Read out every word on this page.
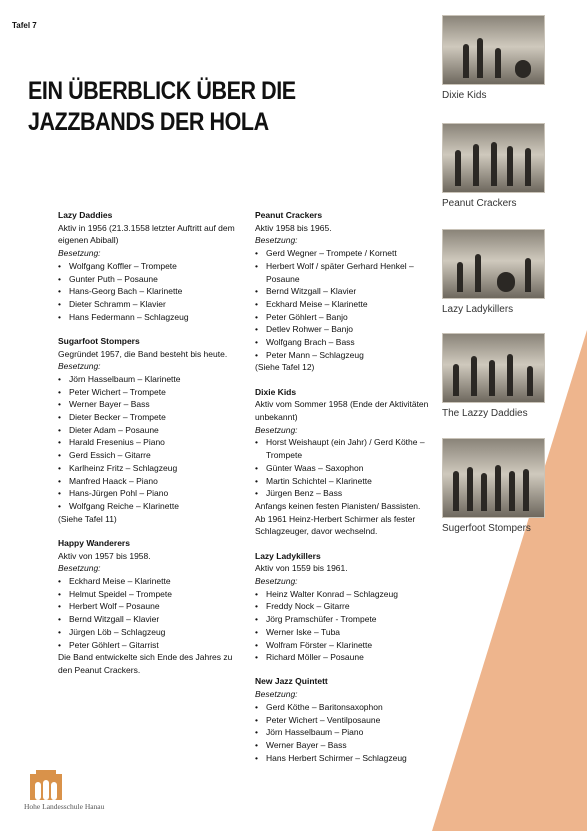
Tafel 7
EIN ÜBERBLICK ÜBER DIE
JAZZBANDS DER HOLA
Lazy Daddies
Aktiv in 1956 (21.3.1558 letzter Auftritt auf dem eigenen Abiball)
Besetzung:
• Wolfgang Koffler – Trompete
• Gunter Puth – Posaune
• Hans-Georg Bach – Klarinette
• Dieter Schramm – Klavier
• Hans Federmann – Schlagzeug
Sugarfoot Stompers
Gegründet 1957, die Band besteht bis heute.
Besetzung:
• Jörn Hasselbaum – Klarinette
• Peter Wichert – Trompete
• Werner Bayer – Bass
• Dieter Becker – Trompete
• Dieter Adam – Posaune
• Harald Fresenius – Piano
• Gerd Essich – Gitarre
• Karlheinz Fritz – Schlagzeug
• Manfred Haack – Piano
• Hans-Jürgen Pohl – Piano
• Wolfgang Reiche – Klarinette
(Siehe Tafel 11)
Happy Wanderers
Aktiv von 1957 bis 1958.
Besetzung:
• Eckhard Meise – Klarinette
• Helmut Speidel – Trompete
• Herbert Wolf – Posaune
• Bernd Witzgall – Klavier
• Jürgen Löb – Schlagzeug
• Peter Göhlert – Gitarrist
Die Band entwickelte sich Ende des Jahres zu den Peanut Crackers.
Peanut Crackers
Aktiv 1958 bis 1965.
Besetzung:
• Gerd Wegner – Trompete / Kornett
• Herbert Wolf / später Gerhard Henkel – Posaune
• Bernd Witzgall – Klavier
• Eckhard Meise – Klarinette
• Peter Göhlert – Banjo
• Detlev Rohwer – Banjo
• Wolfgang Brach – Bass
• Peter Mann – Schlagzeug
(Siehe Tafel 12)
Dixie Kids
Aktiv vom Sommer 1958 (Ende der Aktivitäten unbekannt)
Besetzung:
• Horst Weishaupt (ein Jahr) / Gerd Köthe – Trompete
• Günter Waas – Saxophon
• Martin Schichtel – Klarinette
• Jürgen Benz – Bass
Anfangs keinen festen Pianisten/ Bassisten.
Ab 1961 Heinz-Herbert Schirmer als fester Schlagzeuger, davor wechselnd.
Lazy Ladykillers
Aktiv von 1559 bis 1961.
Besetzung:
• Heinz Walter Konrad – Schlagzeug
• Freddy Nock – Gitarre
• Jörg Pramschüfer - Trompete
• Werner Iske – Tuba
• Wolfram Förster – Klarinette
• Richard Möller – Posaune
New Jazz Quintett
Besetzung:
• Gerd Köthe – Baritonsaxophon
• Peter Wichert – Ventilposaune
• Jörn Hasselbaum – Piano
• Werner Bayer – Bass
• Hans Herbert Schirmer – Schlagzeug
Dixie Kids
Peanut Crackers
Lazy Ladykillers
The Lazzy Daddies
Sugerfoot Stompers
Hohe Landesschule Hanau
